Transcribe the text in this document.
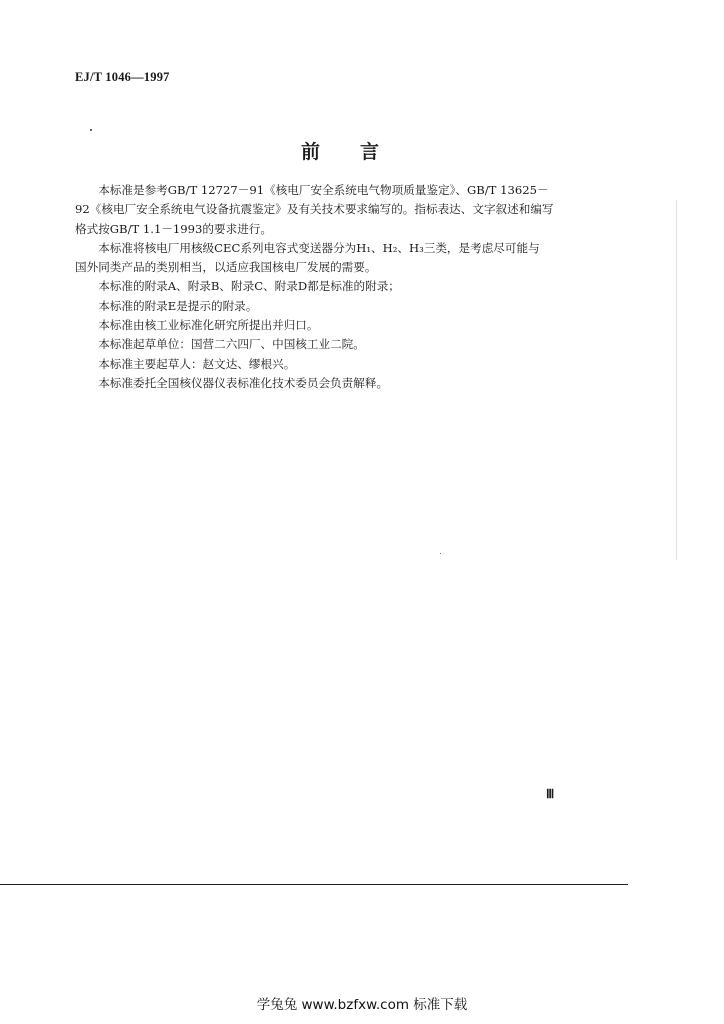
EJ/T 1046—1997
前 言

本标准是参考GB/T 12727－91《核电厂安全系统电气物项质量鉴定》、GB/T 13625－
92《核电厂安全系统电气设备抗震鉴定》及有关技术要求编写的。指标表达、文字叙述和编写
格式按GB/T 1.1－1993的要求进行。

本标准将核电厂用核级CEC系列电容式变送器分为H₁、H₂、H₃三类，是考虑尽可能与
国外同类产品的类别相当，以适应我国核电厂发展的需要。

本标准的附录A、附录B、附录C、附录D都是标准的附录；

本标准的附录E是提示的附录。

本标准由核工业标准化研究所提出并归口。

本标准起草单位：国营二六四厂、中国核工业二院。

本标准主要起草人：赵文达、缪根兴。

本标准委托全国核仪器仪表标准化技术委员会负责解释。

Ⅲ
学兔兔 www.bzfxw.com 标准下载
